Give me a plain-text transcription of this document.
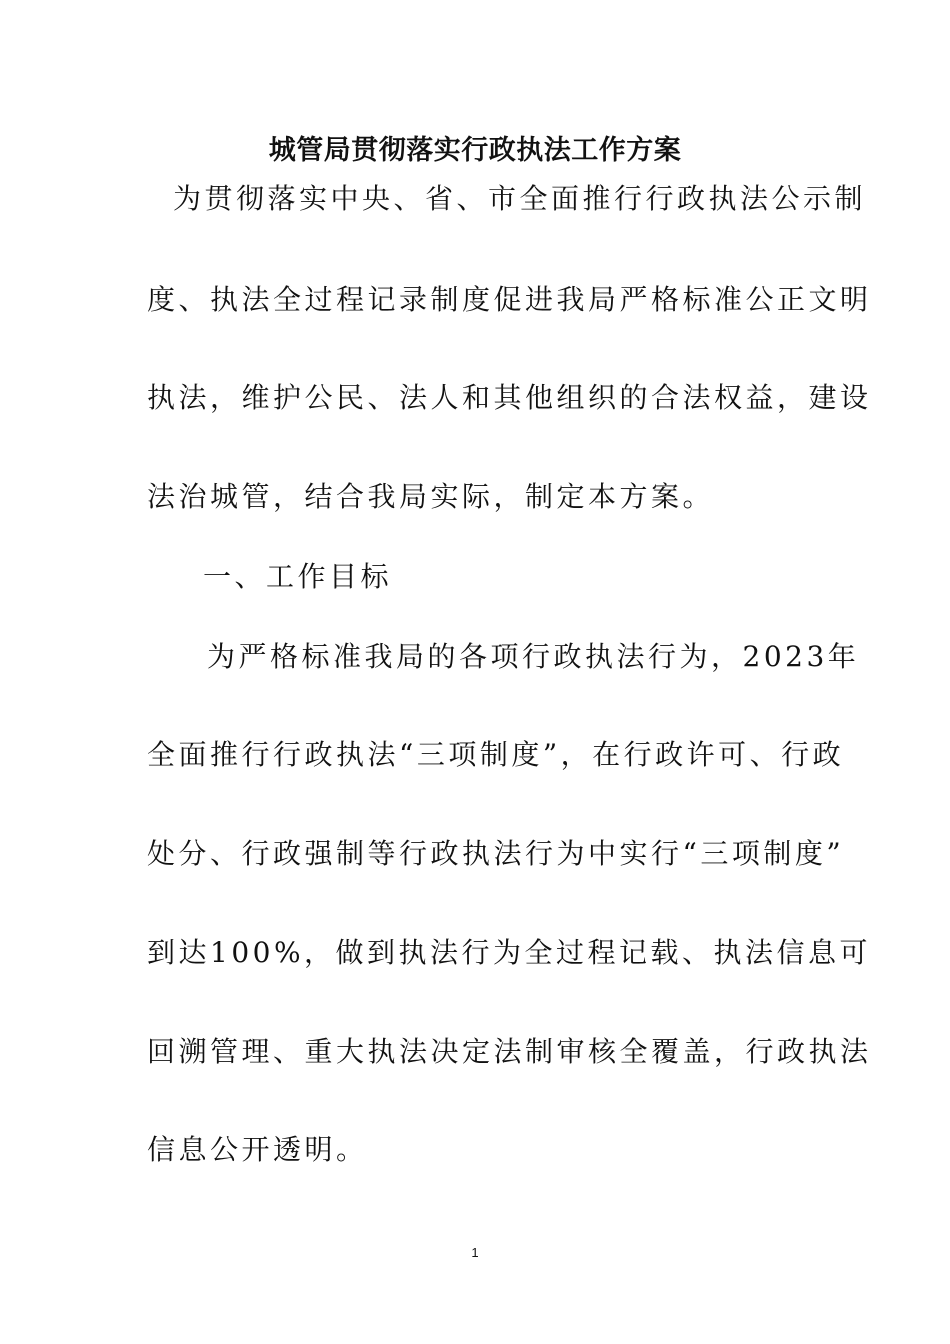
城管局贯彻落实行政执法工作方案
为贯彻落实中央、省、市全面推行行政执法公示制
度、执法全过程记录制度促进我局严格标准公正文明
执法，维护公民、法人和其他组织的合法权益，建设
法治城管，结合我局实际，制定本方案。
一、工作目标
为严格标准我局的各项行政执法行为，2023年
全面推行行政执法“三项制度”，在行政许可、行政
处分、行政强制等行政执法行为中实行“三项制度”
到达100%，做到执法行为全过程记载、执法信息可
回溯管理、重大执法决定法制审核全覆盖，行政执法
信息公开透明。
1
